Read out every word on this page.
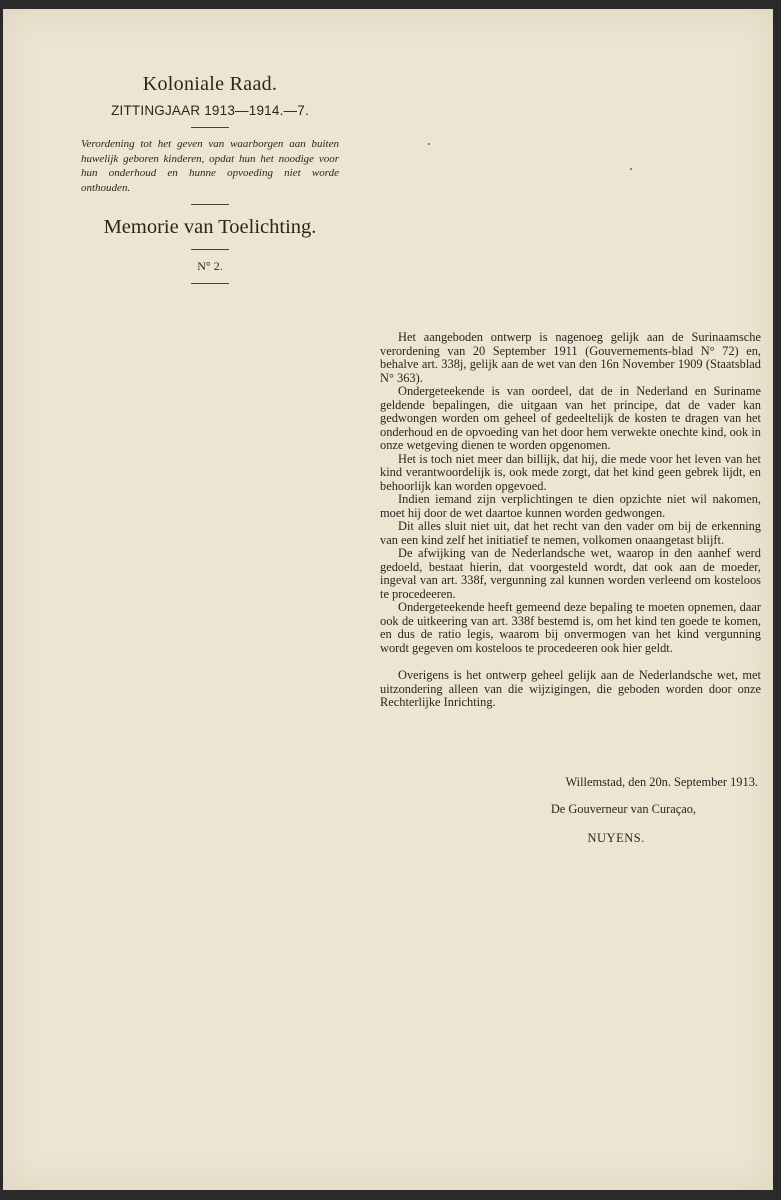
Koloniale Raad.
ZITTINGJAAR 1913—1914.—7.

Verordening tot het geven van waarborgen aan buiten huwelijk geboren kinderen, opdat hun het noodige voor hun onderhoud en hunne opvoeding niet worde onthouden.

Memorie van Toelichting.
N° 2.

Het aangeboden ontwerp is nagenoeg gelijk aan de Surinaamsche verordening van 20 September 1911 (Gouvernements-blad N° 72) en, behalve art. 338j, gelijk aan de wet van den 16n November 1909 (Staatsblad N° 363).

Ondergeteekende is van oordeel, dat de in Nederland en Suriname geldende bepalingen, die uitgaan van het principe, dat de vader kan gedwongen worden om geheel of gedeeltelijk de kosten te dragen van het onderhoud en de opvoeding van het door hem verwekte onechte kind, ook in onze wetgeving dienen te worden opgenomen.

Het is toch niet meer dan billijk, dat hij, die mede voor het leven van het kind verantwoordelijk is, ook mede zorgt, dat het kind geen gebrek lijdt, en behoorlijk kan worden opgevoed.

Indien iemand zijn verplichtingen te dien opzichte niet wil nakomen, moet hij door de wet daartoe kunnen worden gedwongen.

Dit alles sluit niet uit, dat het recht van den vader om bij de erkenning van een kind zelf het initiatief te nemen, volkomen onaangetast blijft.

De afwijking van de Nederlandsche wet, waarop in den aanhef werd gedoeld, bestaat hierin, dat voorgesteld wordt, dat ook aan de moeder, ingeval van art. 338f, vergunning zal kunnen worden verleend om kosteloos te procedeeren.

Ondergeteekende heeft gemeend deze bepaling te moeten opnemen, daar ook de uitkeering van art. 338f bestemd is, om het kind ten goede te komen, en dus de ratio legis, waarom bij onvermogen van het kind vergunning wordt gegeven om kosteloos te procedeeren ook hier geldt.

Overigens is het ontwerp geheel gelijk aan de Nederlandsche wet, met uitzondering alleen van die wijzigingen, die geboden worden door onze Rechterlijke Inrichting.

Willemstad, den 20n. September 1913.
De Gouverneur van Curaçao,
NUYENS.
